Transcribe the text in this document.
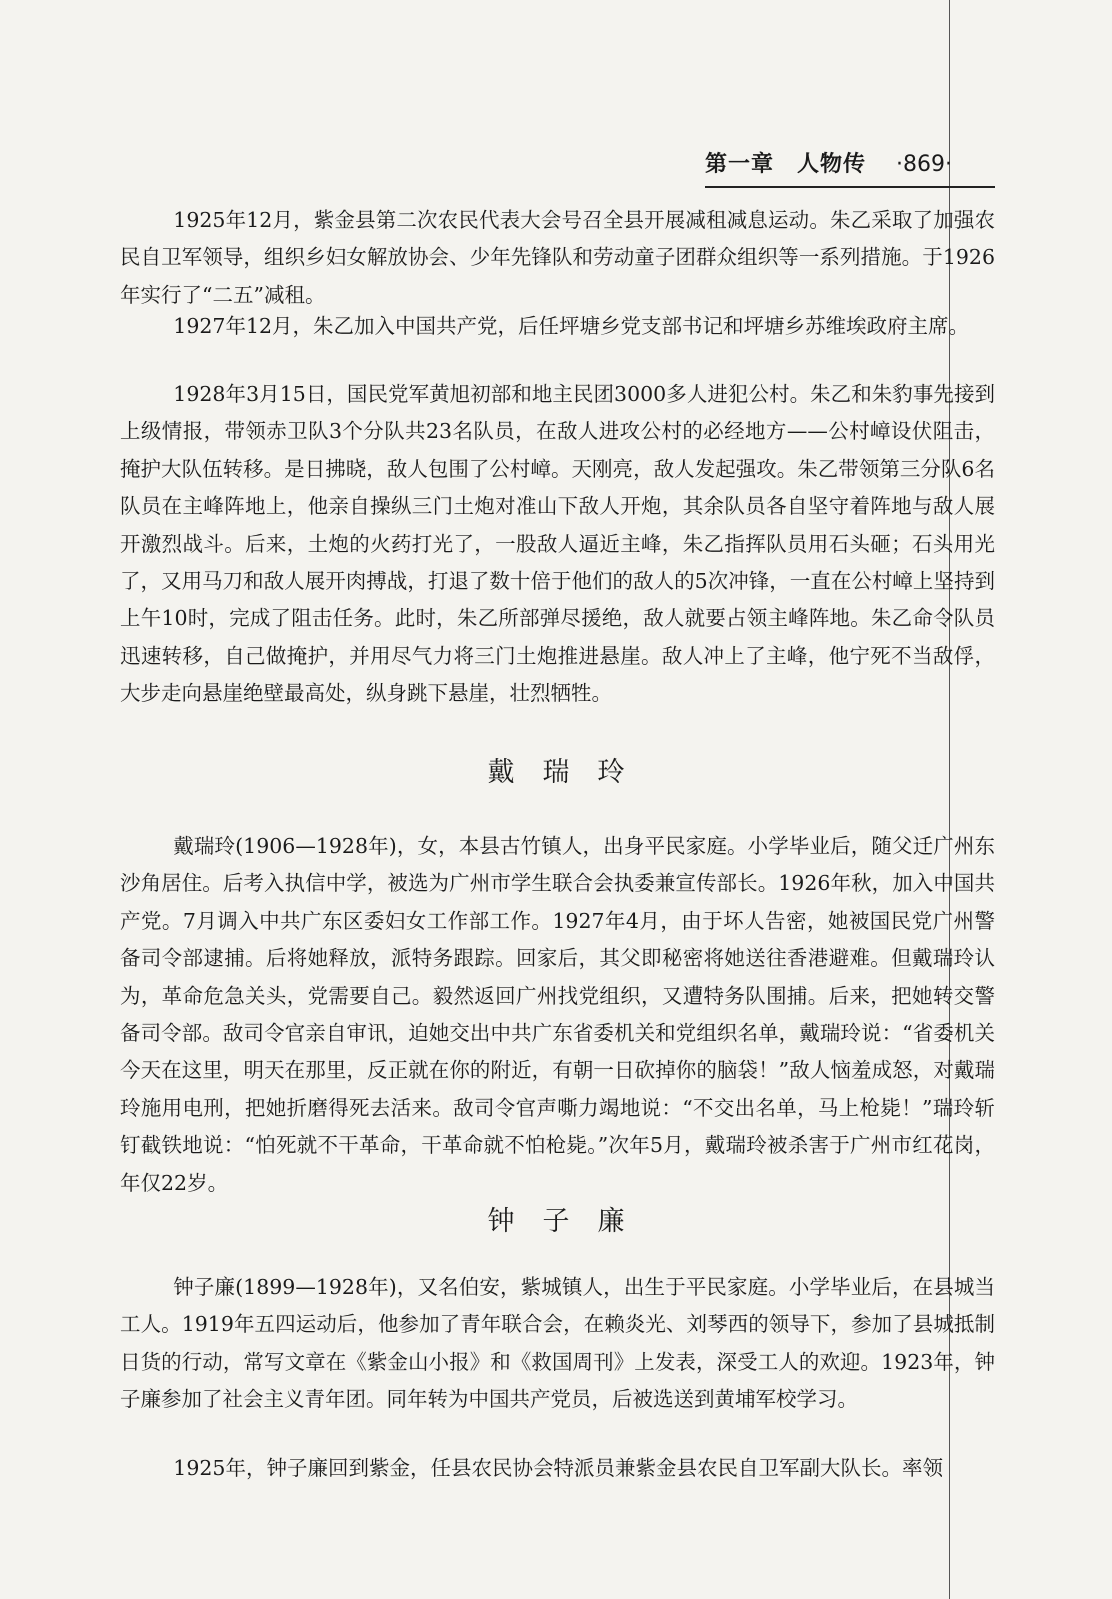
第一章　人物传 ·869·

1925年12月，紫金县第二次农民代表大会号召全县开展减租减息运动。朱乙采取了加强农民自卫军领导，组织乡妇女解放协会、少年先锋队和劳动童子团群众组织等一系列措施。于1926年实行了“二五”减租。

1927年12月，朱乙加入中国共产党，后任坪塘乡党支部书记和坪塘乡苏维埃政府主席。

1928年3月15日，国民党军黄旭初部和地主民团3000多人进犯公村。朱乙和朱豹事先接到上级情报，带领赤卫队3个分队共23名队员，在敌人进攻公村的必经地方——公村嶂设伏阻击，掩护大队伍转移。是日拂晓，敌人包围了公村嶂。天刚亮，敌人发起强攻。朱乙带领第三分队6名队员在主峰阵地上，他亲自操纵三门土炮对准山下敌人开炮，其余队员各自坚守着阵地与敌人展开激烈战斗。后来，土炮的火药打光了，一股敌人逼近主峰，朱乙指挥队员用石头砸；石头用光了，又用马刀和敌人展开肉搏战，打退了数十倍于他们的敌人的5次冲锋，一直在公村嶂上坚持到上午10时，完成了阻击任务。此时，朱乙所部弹尽援绝，敌人就要占领主峰阵地。朱乙命令队员迅速转移，自己做掩护，并用尽气力将三门土炮推进悬崖。敌人冲上了主峰，他宁死不当敌俘，大步走向悬崖绝壁最高处，纵身跳下悬崖，壮烈牺牲。

戴瑞玲

戴瑞玲(1906—1928年)，女，本县古竹镇人，出身平民家庭。小学毕业后，随父迁广州东沙角居住。后考入执信中学，被选为广州市学生联合会执委兼宣传部长。1926年秋，加入中国共产党。7月调入中共广东区委妇女工作部工作。1927年4月，由于坏人告密，她被国民党广州警备司令部逮捕。后将她释放，派特务跟踪。回家后，其父即秘密将她送往香港避难。但戴瑞玲认为，革命危急关头，党需要自己。毅然返回广州找党组织，又遭特务队围捕。后来，把她转交警备司令部。敌司令官亲自审讯，迫她交出中共广东省委机关和党组织名单，戴瑞玲说：“省委机关今天在这里，明天在那里，反正就在你的附近，有朝一日砍掉你的脑袋！”敌人恼羞成怒，对戴瑞玲施用电刑，把她折磨得死去活来。敌司令官声嘶力竭地说：“不交出名单，马上枪毙！”瑞玲斩钉截铁地说：“怕死就不干革命，干革命就不怕枪毙。”次年5月，戴瑞玲被杀害于广州市红花岗，年仅22岁。

钟子廉

钟子廉(1899—1928年)，又名伯安，紫城镇人，出生于平民家庭。小学毕业后，在县城当工人。1919年五四运动后，他参加了青年联合会，在赖炎光、刘琴西的领导下，参加了县城抵制日货的行动，常写文章在《紫金山小报》和《救国周刊》上发表，深受工人的欢迎。1923年，钟子廉参加了社会主义青年团。同年转为中国共产党员，后被选送到黄埔军校学习。

1925年，钟子廉回到紫金，任县农民协会特派员兼紫金县农民自卫军副大队长。率领
